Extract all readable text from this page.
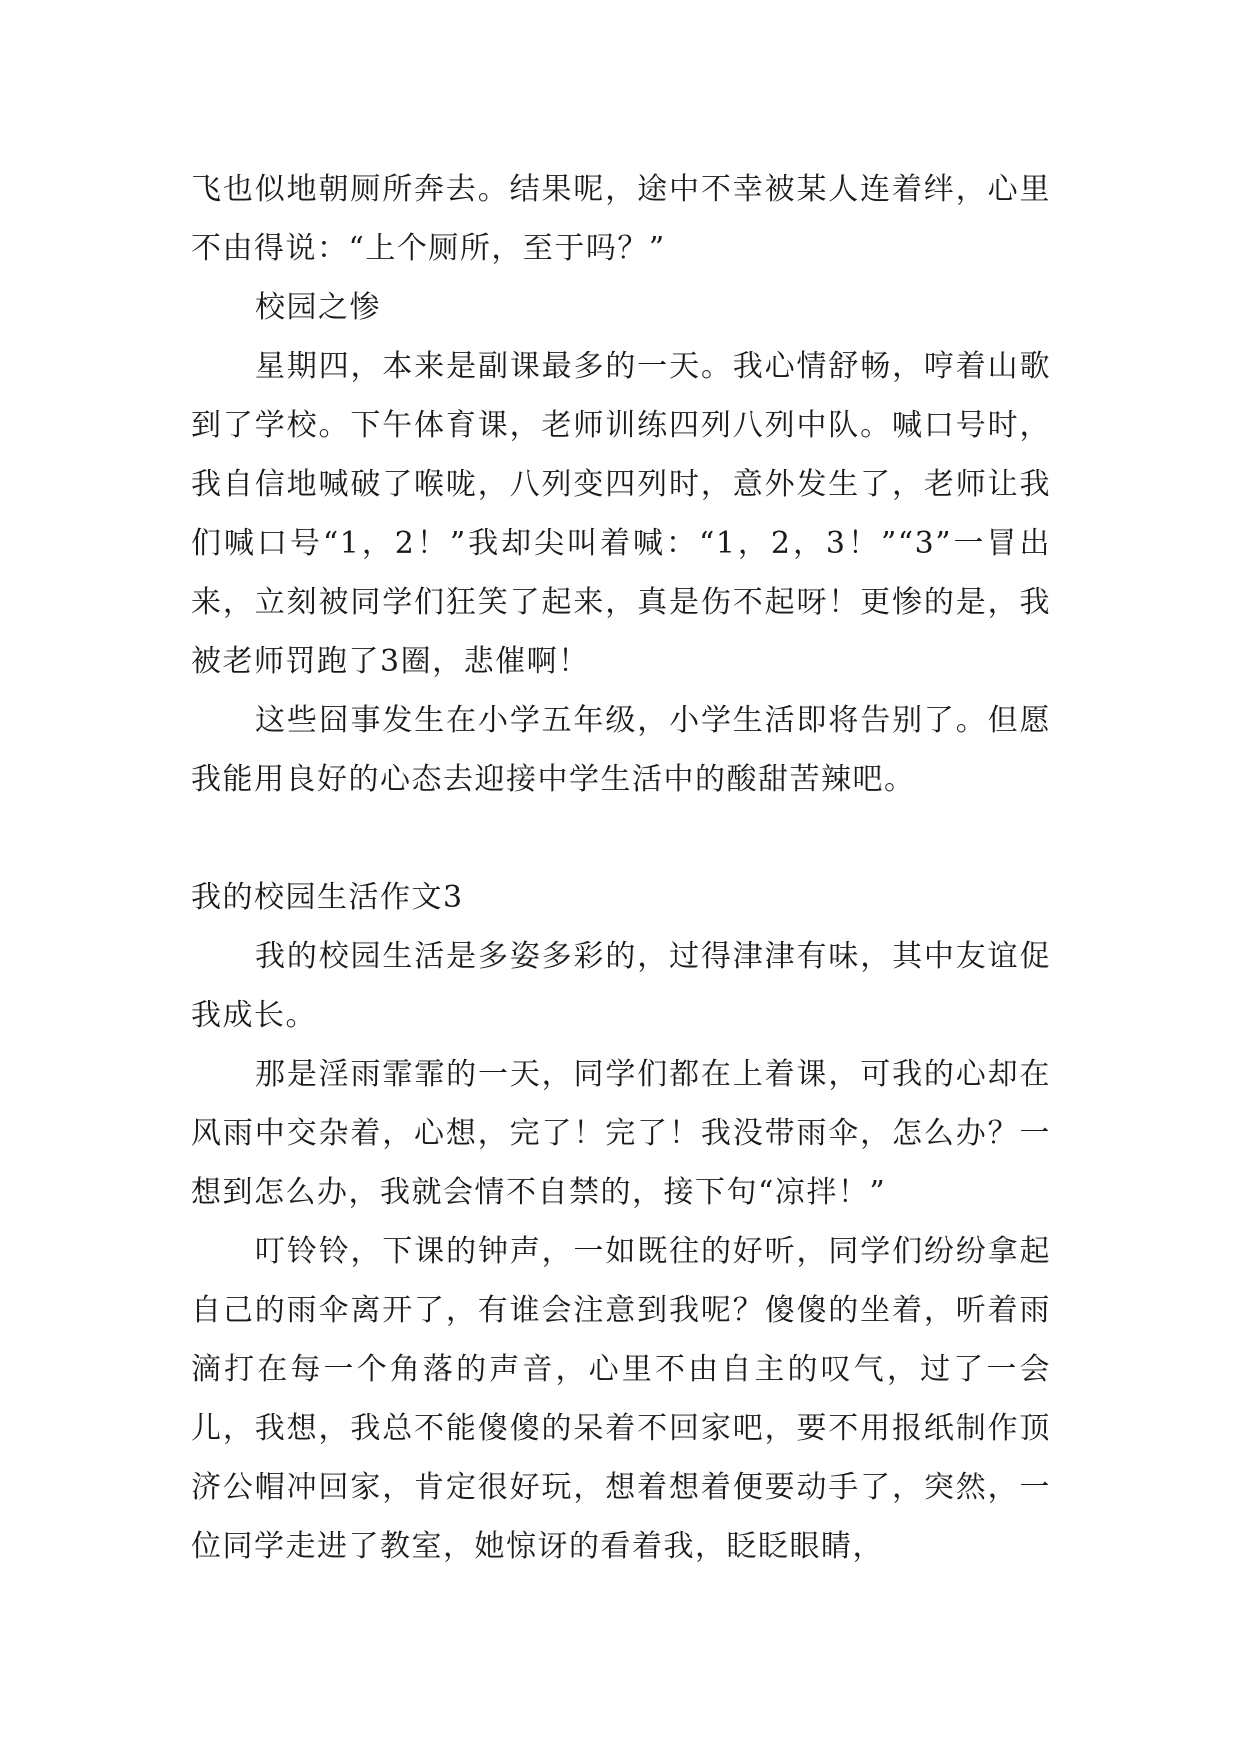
飞也似地朝厕所奔去。结果呢，途中不幸被某人连着绊，心里不由得说：“上个厕所，至于吗？”

校园之惨

星期四，本来是副课最多的一天。我心情舒畅，哼着山歌到了学校。下午体育课，老师训练四列八列中队。喊口号时，我自信地喊破了喉咙，八列变四列时，意外发生了，老师让我们喊口号“1，2！”我却尖叫着喊：“1，2，3！”“3”一冒出来，立刻被同学们狂笑了起来，真是伤不起呀！更惨的是，我被老师罚跑了3圈，悲催啊！

这些囧事发生在小学五年级，小学生活即将告别了。但愿我能用良好的心态去迎接中学生活中的酸甜苦辣吧。

我的校园生活作文3

我的校园生活是多姿多彩的，过得津津有味，其中友谊促我成长。

那是淫雨霏霏的一天，同学们都在上着课，可我的心却在风雨中交杂着，心想，完了！完了！我没带雨伞，怎么办？一想到怎么办，我就会情不自禁的，接下句“凉拌！”

叮铃铃，下课的钟声，一如既往的好听，同学们纷纷拿起自己的雨伞离开了，有谁会注意到我呢？傻傻的坐着，听着雨滴打在每一个角落的声音，心里不由自主的叹气，过了一会儿，我想，我总不能傻傻的呆着不回家吧，要不用报纸制作顶济公帽冲回家，肯定很好玩，想着想着便要动手了，突然，一位同学走进了教室，她惊讶的看着我，眨眨眼睛，
